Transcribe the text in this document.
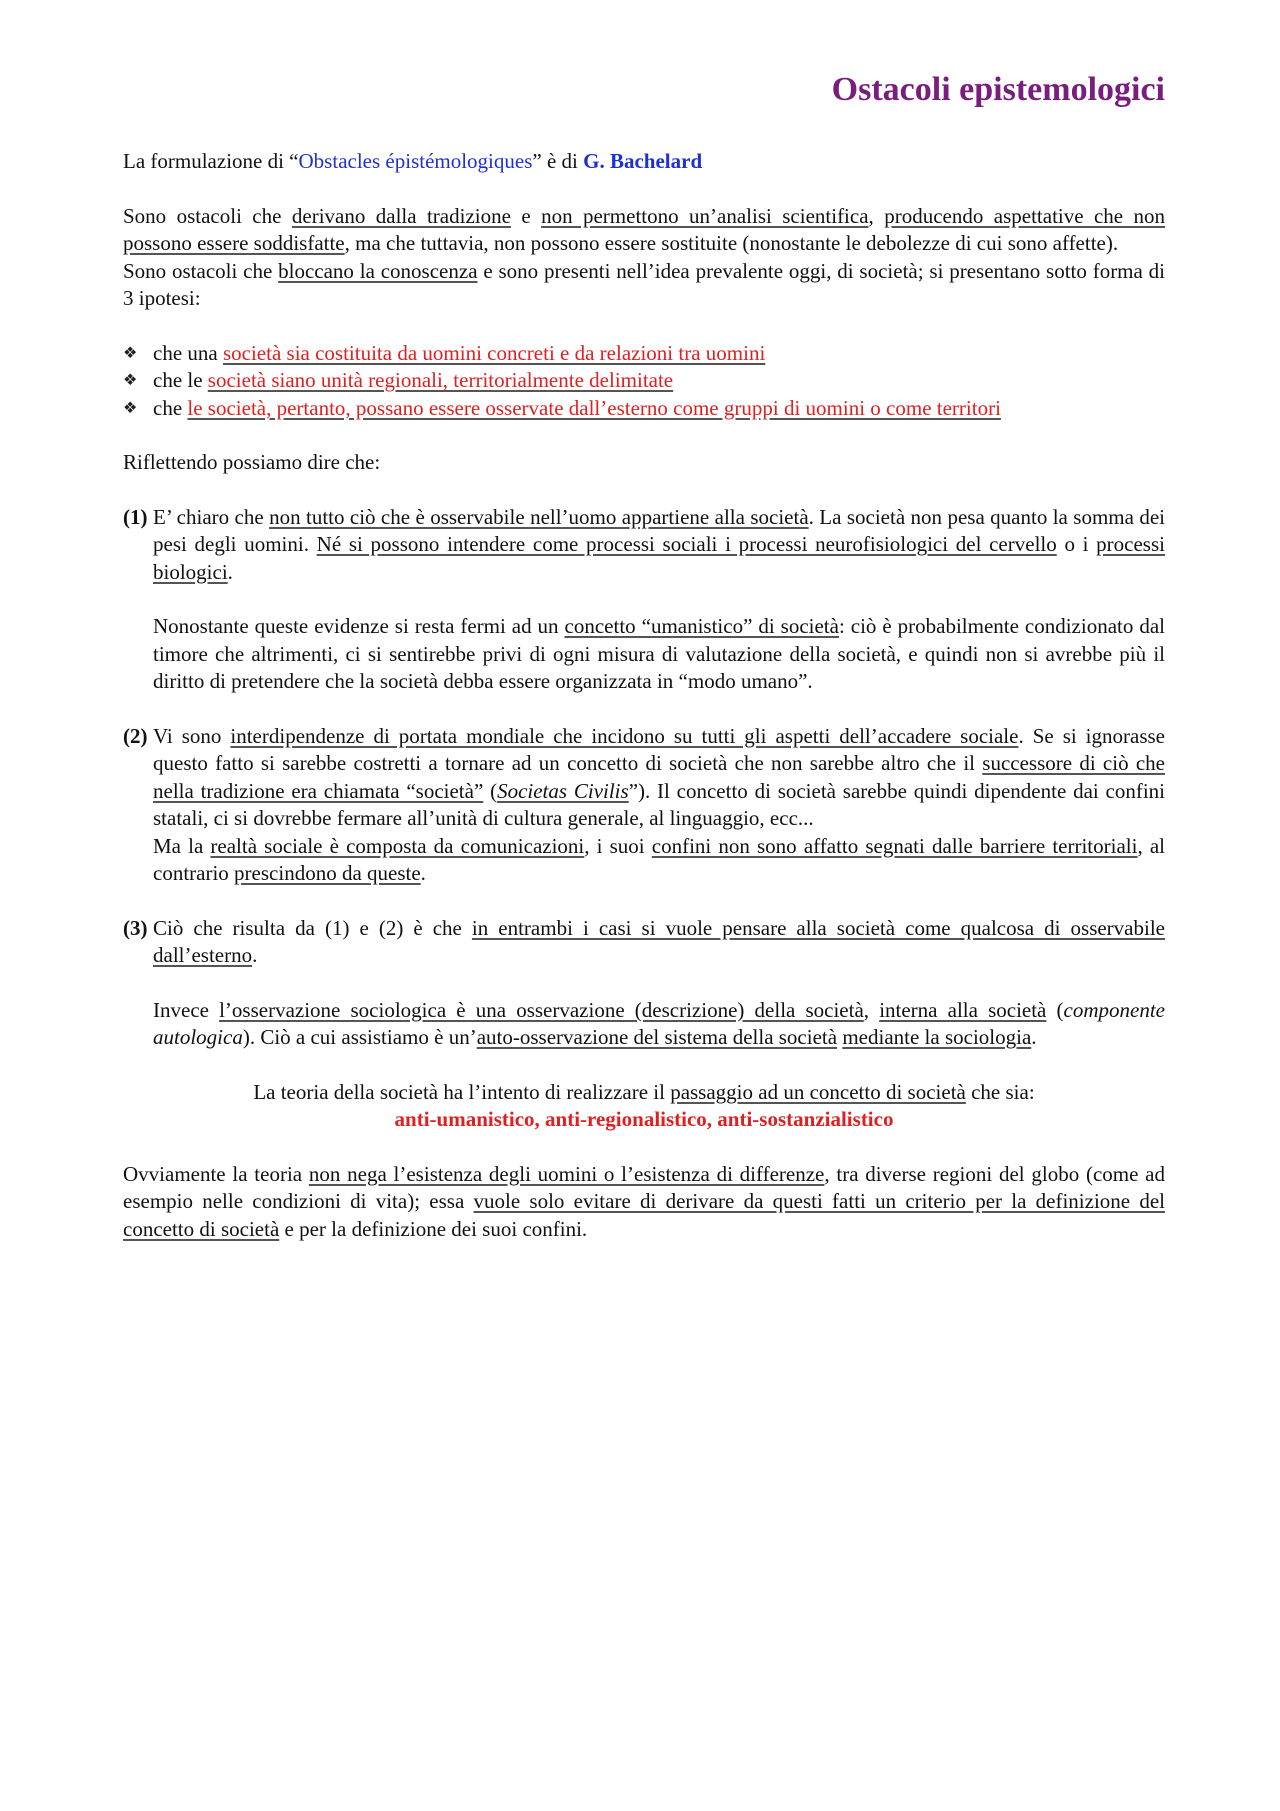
Ostacoli epistemologici

La formulazione di “Obstacles épistémologiques” è di G. Bachelard

Sono ostacoli che derivano dalla tradizione e non permettono un’analisi scientifica, producendo aspettative che non possono essere soddisfatte, ma che tuttavia, non possono essere sostituite (nonostante le debolezze di cui sono affette).

Sono ostacoli che bloccano la conoscenza e sono presenti nell’idea prevalente oggi, di società; si presentano sotto forma di 3 ipotesi:

❖ che una società sia costituita da uomini concreti e da relazioni tra uomini
❖ che le società siano unità regionali, territorialmente delimitate
❖ che le società, pertanto, possano essere osservate dall’esterno come gruppi di uomini o come territori

Riflettendo possiamo dire che:

(1) E’ chiaro che non tutto ciò che è osservabile nell’uomo appartiene alla società. La società non pesa quanto la somma dei pesi degli uomini. Né si possono intendere come processi sociali i processi neurofisiologici del cervello o i processi biologici.

Nonostante queste evidenze si resta fermi ad un concetto “umanistico” di società: ciò è probabilmente condizionato dal timore che altrimenti, ci si sentirebbe privi di ogni misura di valutazione della società, e quindi non si avrebbe più il diritto di pretendere che la società debba essere organizzata in “modo umano”.

(2) Vi sono interdipendenze di portata mondiale che incidono su tutti gli aspetti dell’accadere sociale. Se si ignorasse questo fatto si sarebbe costretti a tornare ad un concetto di società che non sarebbe altro che il successore di ciò che nella tradizione era chiamata “società” (Societas Civilis”). Il concetto di società sarebbe quindi dipendente dai confini statali, ci si dovrebbe fermare all’unità di cultura generale, al linguaggio, ecc...
Ma la realtà sociale è composta da comunicazioni, i suoi confini non sono affatto segnati dalle barriere territoriali, al contrario prescindono da queste.

(3) Ciò che risulta da (1) e (2) è che in entrambi i casi si vuole pensare alla società come qualcosa di osservabile dall’esterno.

Invece l’osservazione sociologica è una osservazione (descrizione) della società, interna alla società (componente autologica). Ciò a cui assistiamo è un’auto-osservazione del sistema della società mediante la sociologia.

La teoria della società ha l’intento di realizzare il passaggio ad un concetto di società che sia:
anti-umanistico, anti-regionalistico, anti-sostanzialistico

Ovviamente la teoria non nega l’esistenza degli uomini o l’esistenza di differenze, tra diverse regioni del globo (come ad esempio nelle condizioni di vita); essa vuole solo evitare di derivare da questi fatti un criterio per la definizione del concetto di società e per la definizione dei suoi confini.
